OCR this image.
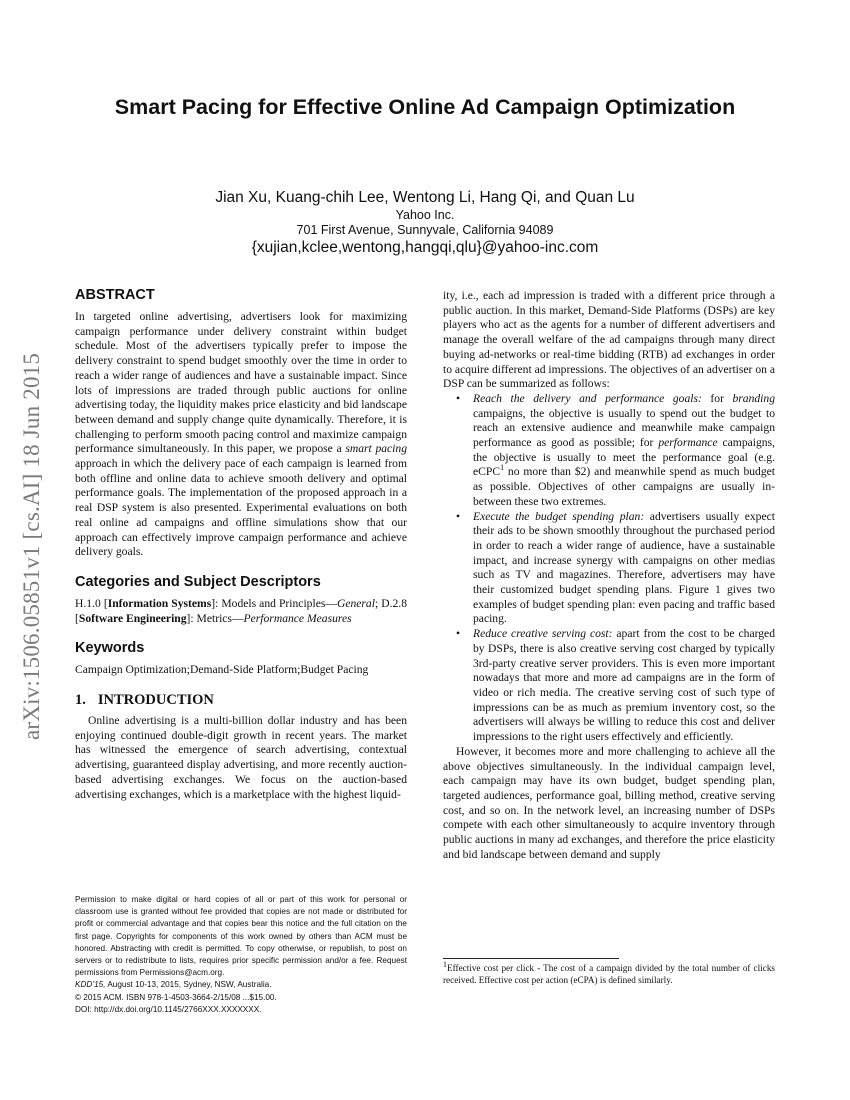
arXiv:1506.05851v1 [cs.AI] 18 Jun 2015
Smart Pacing for Effective Online Ad Campaign Optimization
Jian Xu, Kuang-chih Lee, Wentong Li, Hang Qi, and Quan Lu
Yahoo Inc.
701 First Avenue, Sunnyvale, California 94089
{xujian,kclee,wentong,hangqi,qlu}@yahoo-inc.com
ABSTRACT

In targeted online advertising, advertisers look for maximizing campaign performance under delivery constraint within budget schedule. Most of the advertisers typically prefer to impose the delivery constraint to spend budget smoothly over the time in order to reach a wider range of audiences and have a sustainable impact. Since lots of impressions are traded through public auctions for online advertising today, the liquidity makes price elasticity and bid landscape between demand and supply change quite dynamically. Therefore, it is challenging to perform smooth pacing control and maximize campaign performance simultaneously. In this paper, we propose a smart pacing approach in which the delivery pace of each campaign is learned from both offline and online data to achieve smooth delivery and optimal performance goals. The implementation of the proposed approach in a real DSP system is also presented. Experimental evaluations on both real online ad campaigns and offline simulations show that our approach can effectively improve campaign performance and achieve delivery goals.

Categories and Subject Descriptors

H.1.0 [Information Systems]: Models and Principles—General; D.2.8 [Software Engineering]: Metrics—Performance Measures

Keywords

Campaign Optimization;Demand-Side Platform;Budget Pacing

1. INTRODUCTION

Online advertising is a multi-billion dollar industry and has been enjoying continued double-digit growth in recent years. The market has witnessed the emergence of search advertising, contextual advertising, guaranteed display advertising, and more recently auction-based advertising exchanges. We focus on the auction-based advertising exchanges, which is a marketplace with the highest liquid-

Permission to make digital or hard copies of all or part of this work for personal or classroom use is granted without fee provided that copies are not made or distributed for profit or commercial advantage and that copies bear this notice and the full citation on the first page. Copyrights for components of this work owned by others than ACM must be honored. Abstracting with credit is permitted. To copy otherwise, or republish, to post on servers or to redistribute to lists, requires prior specific permission and/or a fee. Request permissions from Permissions@acm.org.

KDD’15, August 10-13, 2015, Sydney, NSW, Australia.

© 2015 ACM. ISBN 978-1-4503-3664-2/15/08 ...$15.00.

DOI: http://dx.doi.org/10.1145/2766XXX.XXXXXXX.

ity, i.e., each ad impression is traded with a different price through a public auction. In this market, Demand-Side Platforms (DSPs) are key players who act as the agents for a number of different advertisers and manage the overall welfare of the ad campaigns through many direct buying ad-networks or real-time bidding (RTB) ad exchanges in order to acquire different ad impressions. The objectives of an advertiser on a DSP can be summarized as follows:

• Reach the delivery and performance goals: for branding campaigns, the objective is usually to spend out the budget to reach an extensive audience and meanwhile make campaign performance as good as possible; for performance campaigns, the objective is usually to meet the performance goal (e.g. eCPC$^1$ no more than $2) and meanwhile spend as much budget as possible. Objectives of other campaigns are usually in-between these two extremes.
• Execute the budget spending plan: advertisers usually expect their ads to be shown smoothly throughout the purchased period in order to reach a wider range of audience, have a sustainable impact, and increase synergy with campaigns on other medias such as TV and magazines. Therefore, advertisers may have their customized budget spending plans. Figure 1 gives two examples of budget spending plan: even pacing and traffic based pacing.
• Reduce creative serving cost: apart from the cost to be charged by DSPs, there is also creative serving cost charged by typically 3rd-party creative server providers. This is even more important nowadays that more and more ad campaigns are in the form of video or rich media. The creative serving cost of such type of impressions can be as much as premium inventory cost, so the advertisers will always be willing to reduce this cost and deliver impressions to the right users effectively and efficiently.

However, it becomes more and more challenging to achieve all the above objectives simultaneously. In the individual campaign level, each campaign may have its own budget, budget spending plan, targeted audiences, performance goal, billing method, creative serving cost, and so on. In the network level, an increasing number of DSPs compete with each other simultaneously to acquire inventory through public auctions in many ad exchanges, and therefore the price elasticity and bid landscape between demand and supply

$^1$Effective cost per click - The cost of a campaign divided by the total number of clicks received. Effective cost per action (eCPA) is defined similarly.
